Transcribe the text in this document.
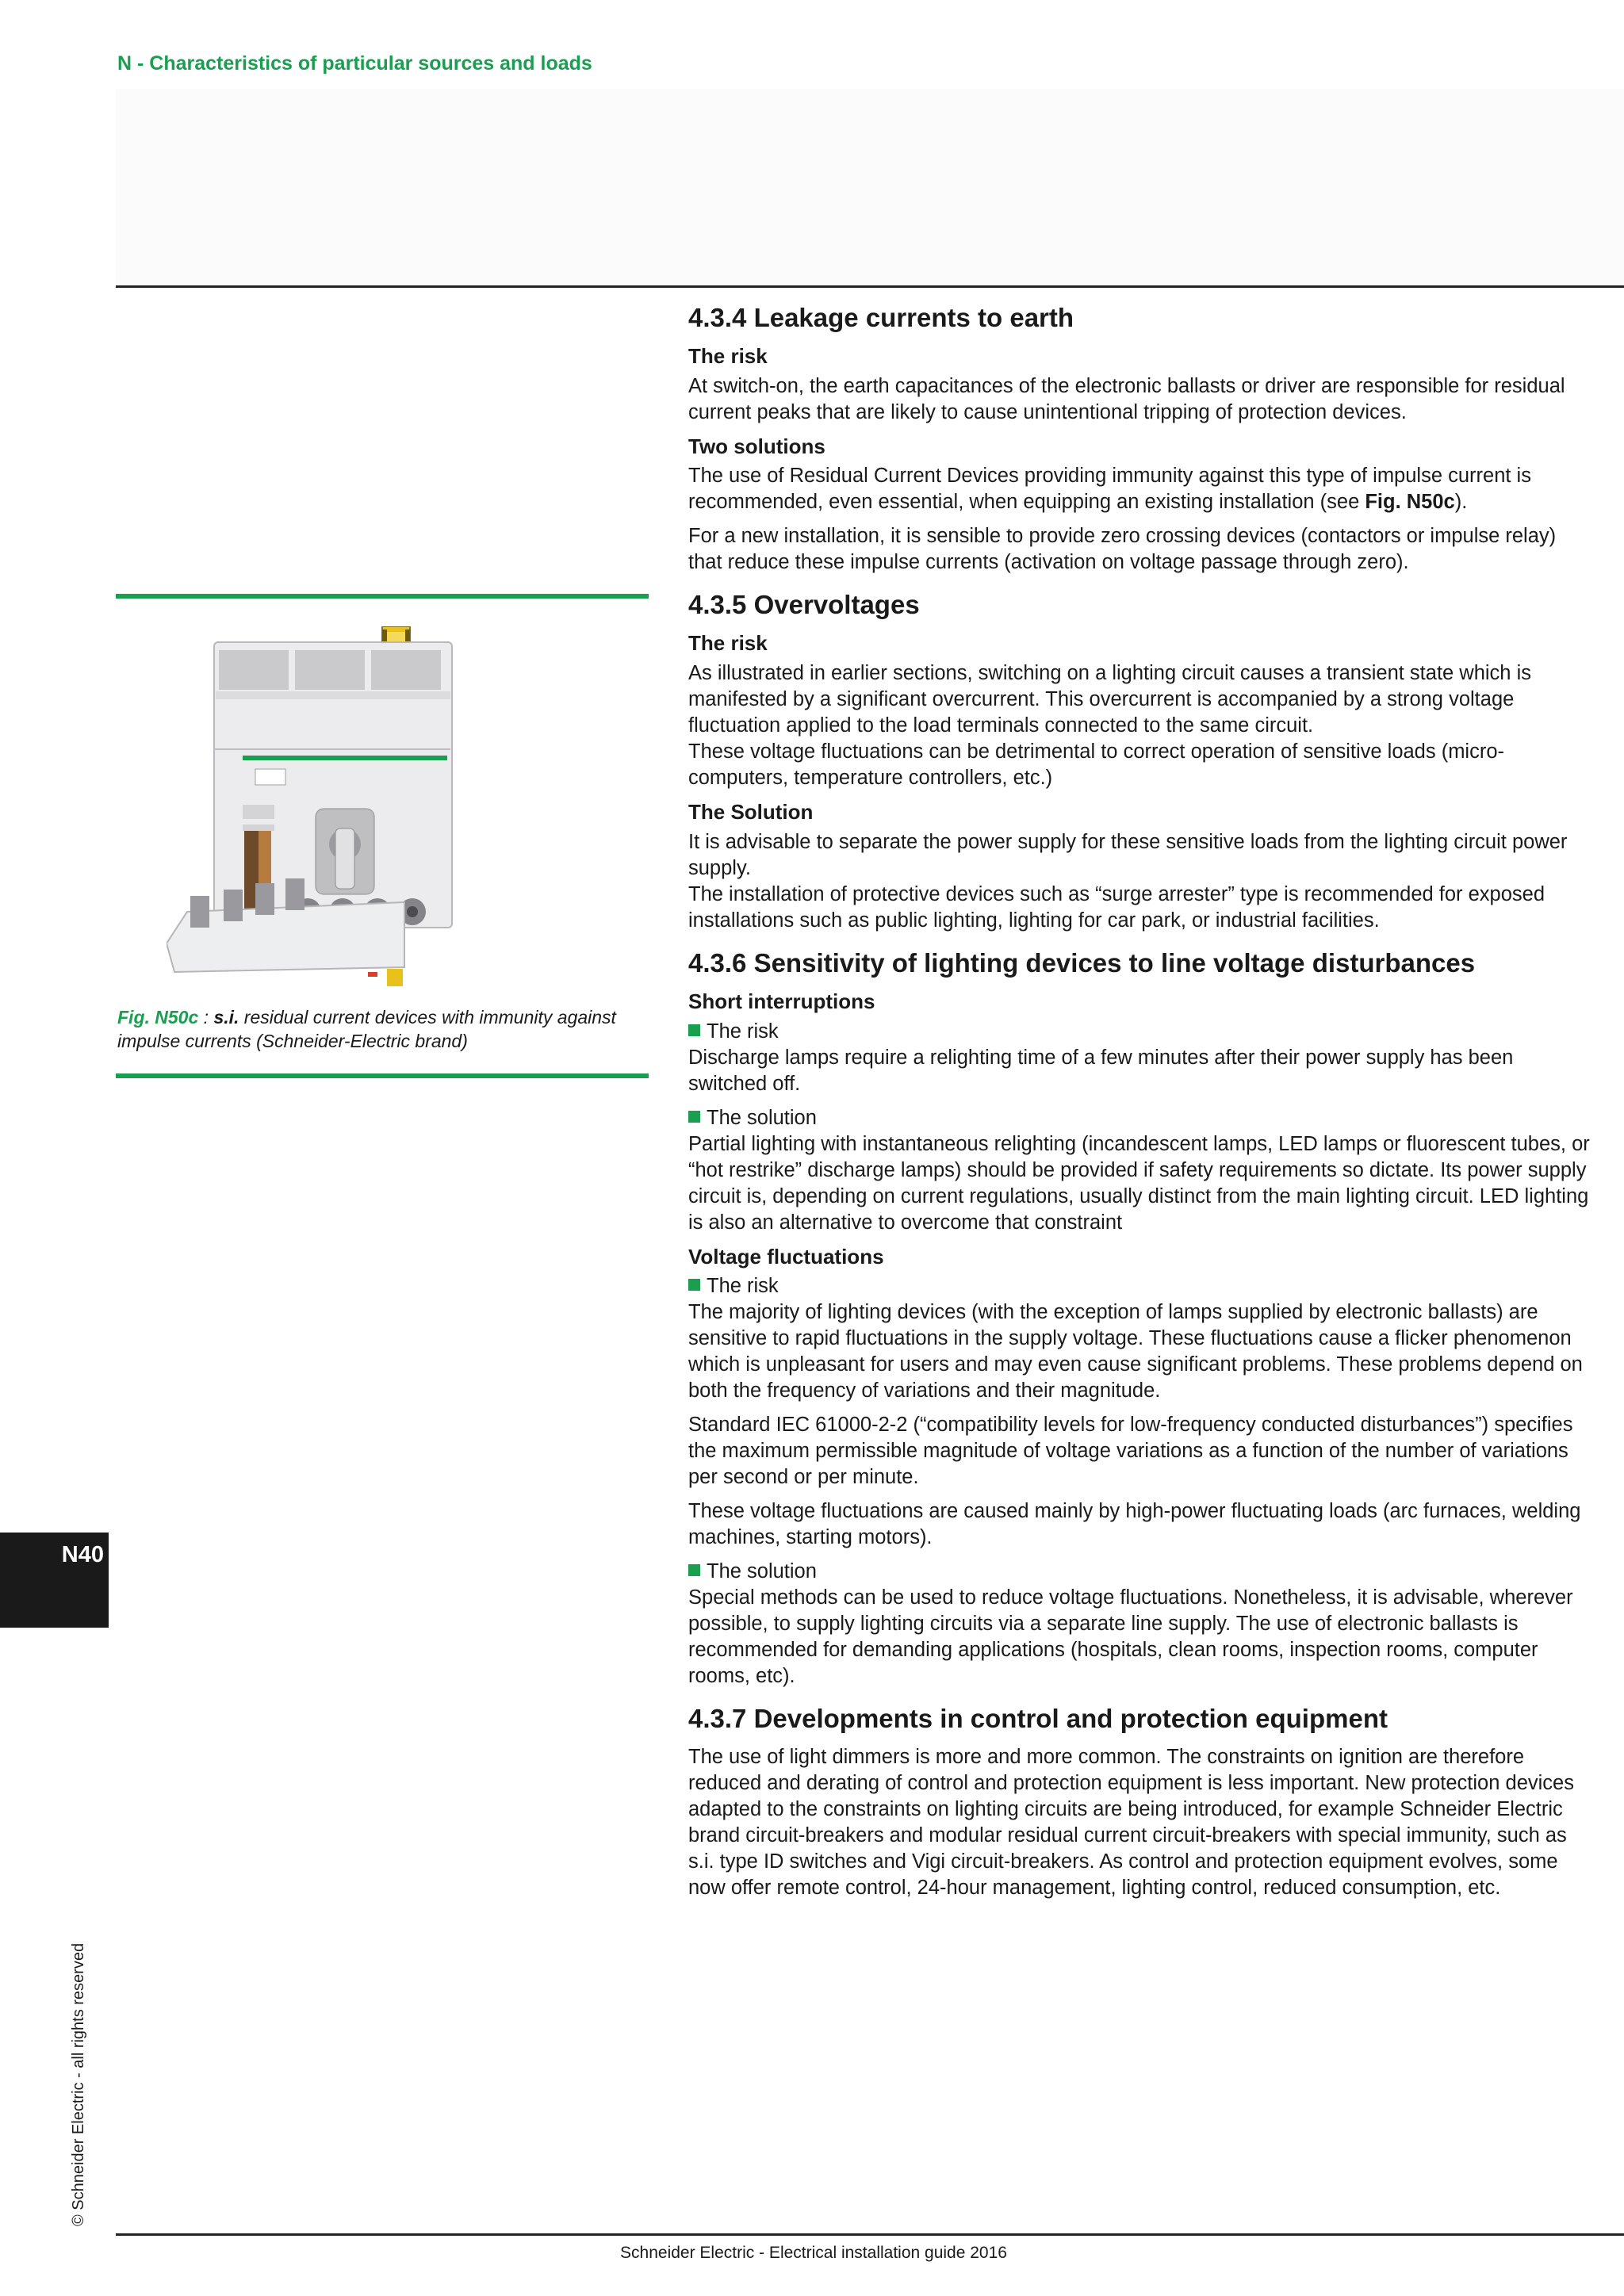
N - Characteristics of particular sources and loads
Fig. N50c : s.i. residual current devices with immunity against impulse currents (Schneider-Electric brand)
4.3.4 Leakage currents to earth
The risk

At switch-on, the earth capacitances of the electronic ballasts or driver are responsible for residual current peaks that are likely to cause unintentional tripping of protection devices.

Two solutions

The use of Residual Current Devices providing immunity against this type of impulse current is recommended, even essential, when equipping an existing installation (see Fig. N50c).

For a new installation, it is sensible to provide zero crossing devices (contactors or impulse relay) that reduce these impulse currents (activation on voltage passage through zero).

4.3.5 Overvoltages
The risk

As illustrated in earlier sections, switching on a lighting circuit causes a transient state which is manifested by a significant overcurrent. This overcurrent is accompanied by a strong voltage fluctuation applied to the load terminals connected to the same circuit.

These voltage fluctuations can be detrimental to correct operation of sensitive loads (micro-computers, temperature controllers, etc.)

The Solution

It is advisable to separate the power supply for these sensitive loads from the lighting circuit power supply.

The installation of protective devices such as “surge arrester” type is recommended for exposed installations such as public lighting, lighting for car park, or industrial facilities.

4.3.6 Sensitivity of lighting devices to line voltage disturbances
Short interruptions
The risk

Discharge lamps require a relighting time of a few minutes after their power supply has been switched off.

The solution

Partial lighting with instantaneous relighting (incandescent lamps, LED lamps or fluorescent tubes, or “hot restrike” discharge lamps) should be provided if safety requirements so dictate. Its power supply circuit is, depending on current regulations, usually distinct from the main lighting circuit. LED lighting is also an alternative to overcome that constraint

Voltage fluctuations
The risk

The majority of lighting devices (with the exception of lamps supplied by electronic ballasts) are sensitive to rapid fluctuations in the supply voltage. These fluctuations cause a flicker phenomenon which is unpleasant for users and may even cause significant problems. These problems depend on both the frequency of variations and their magnitude.

Standard IEC 61000-2-2 (“compatibility levels for low-frequency conducted disturbances”) specifies the maximum permissible magnitude of voltage variations as a function of the number of variations per second or per minute.

These voltage fluctuations are caused mainly by high-power fluctuating loads (arc furnaces, welding machines, starting motors).

The solution

Special methods can be used to reduce voltage fluctuations. Nonetheless, it is advisable, wherever possible, to supply lighting circuits via a separate line supply. The use of electronic ballasts is recommended for demanding applications (hospitals, clean rooms, inspection rooms, computer rooms, etc).

4.3.7 Developments in control and protection equipment

The use of light dimmers is more and more common. The constraints on ignition are therefore reduced and derating of control and protection equipment is less important. New protection devices adapted to the constraints on lighting circuits are being introduced, for example Schneider Electric brand circuit-breakers and modular residual current circuit-breakers with special immunity, such as s.i. type ID switches and Vigi circuit-breakers. As control and protection equipment evolves, some now offer remote control, 24-hour management, lighting control, reduced consumption, etc.

N40
© Schneider Electric - all rights reserved
Schneider Electric - Electrical installation guide 2016
